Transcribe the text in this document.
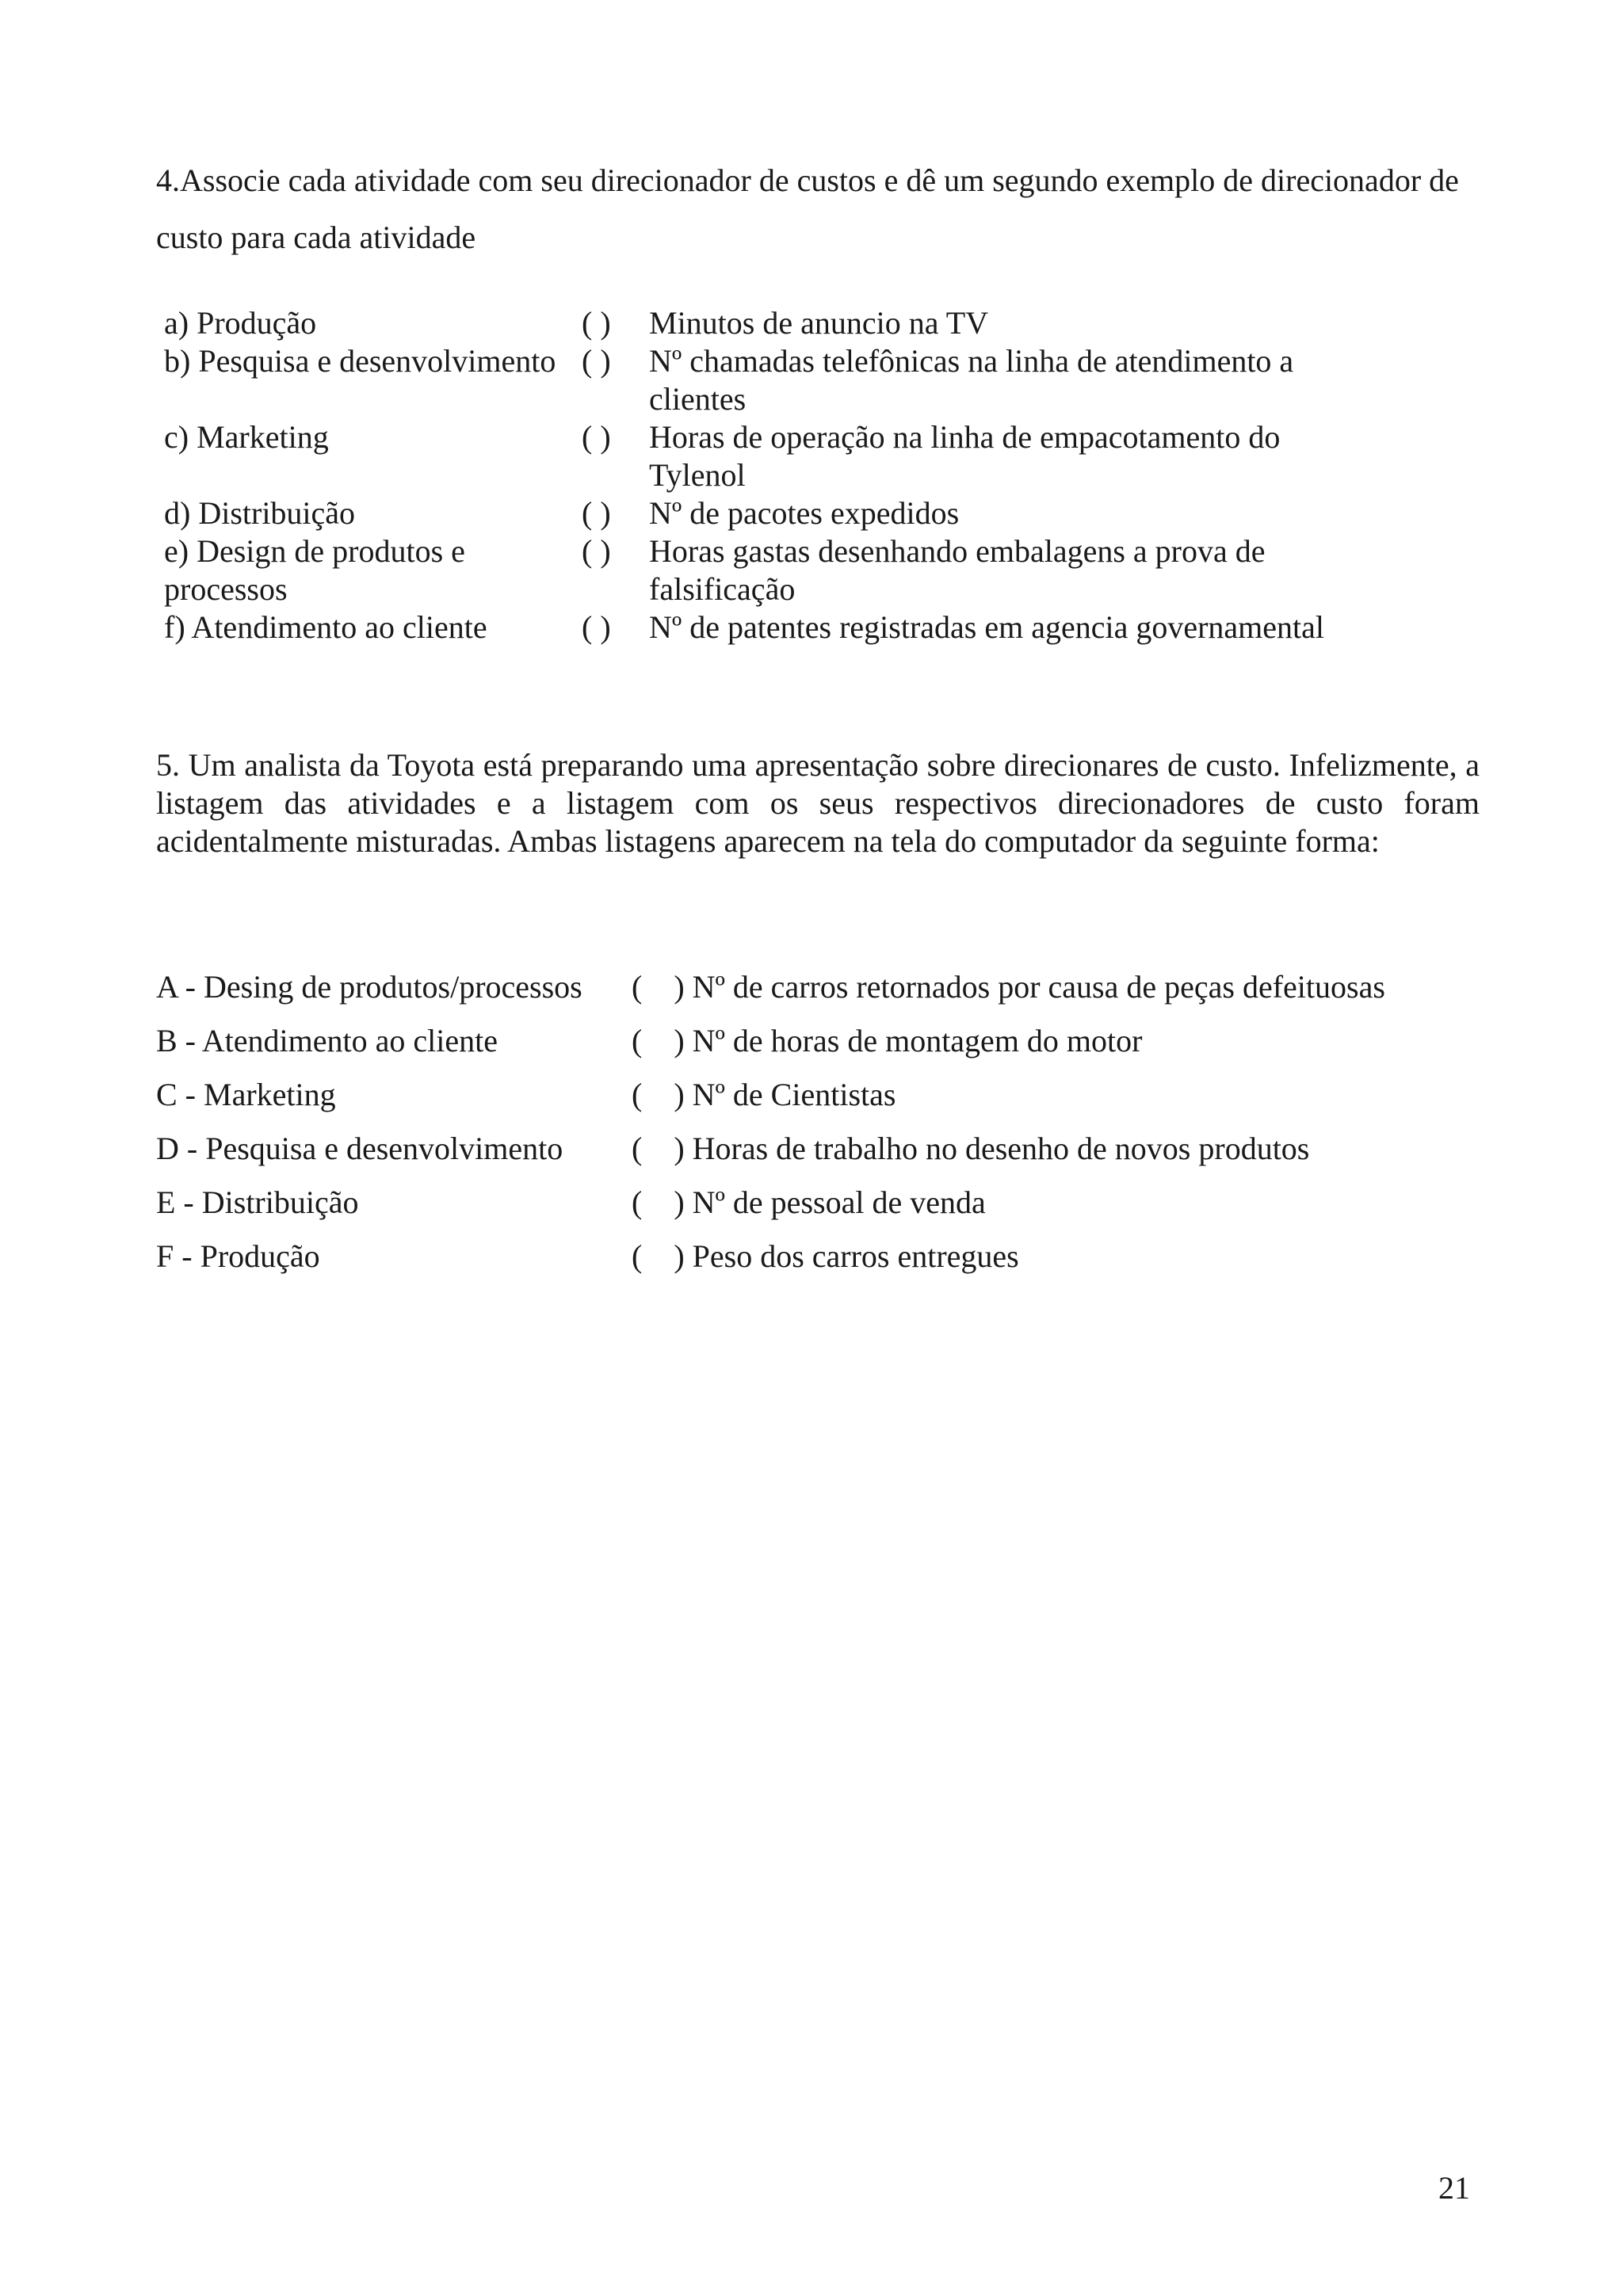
4.Associe cada atividade com seu direcionador de custos e dê um segundo exemplo de direcionador de custo para cada atividade

a) Produção	( )	Minutos de anuncio na TV
b) Pesquisa e desenvolvimento	( )	Nº chamadas telefônicas na linha de atendimento a clientes
c) Marketing	( )	Horas de operação na linha de empacotamento do Tylenol
d) Distribuição	( )	Nº de pacotes expedidos
e) Design de produtos e processos	( )	Horas gastas desenhando embalagens a prova de falsificação
f) Atendimento ao cliente	( )	Nº de patentes registradas em agencia governamental

5. Um analista da Toyota está preparando uma apresentação sobre direcionares de custo. Infelizmente, a listagem das atividades e a listagem com os seus respectivos direcionadores de custo foram acidentalmente misturadas. Ambas listagens aparecem na tela do computador da seguinte forma:

A - Desing de produtos/processos	(    ) Nº de carros retornados por causa de peças defeituosas
B - Atendimento ao cliente	(    ) Nº de horas de montagem do motor
C - Marketing	(    ) Nº de Cientistas
D - Pesquisa e desenvolvimento	(    ) Horas de trabalho no desenho de novos produtos
E - Distribuição	(    ) Nº de pessoal de venda
F - Produção	(    ) Peso dos carros entregues
21
